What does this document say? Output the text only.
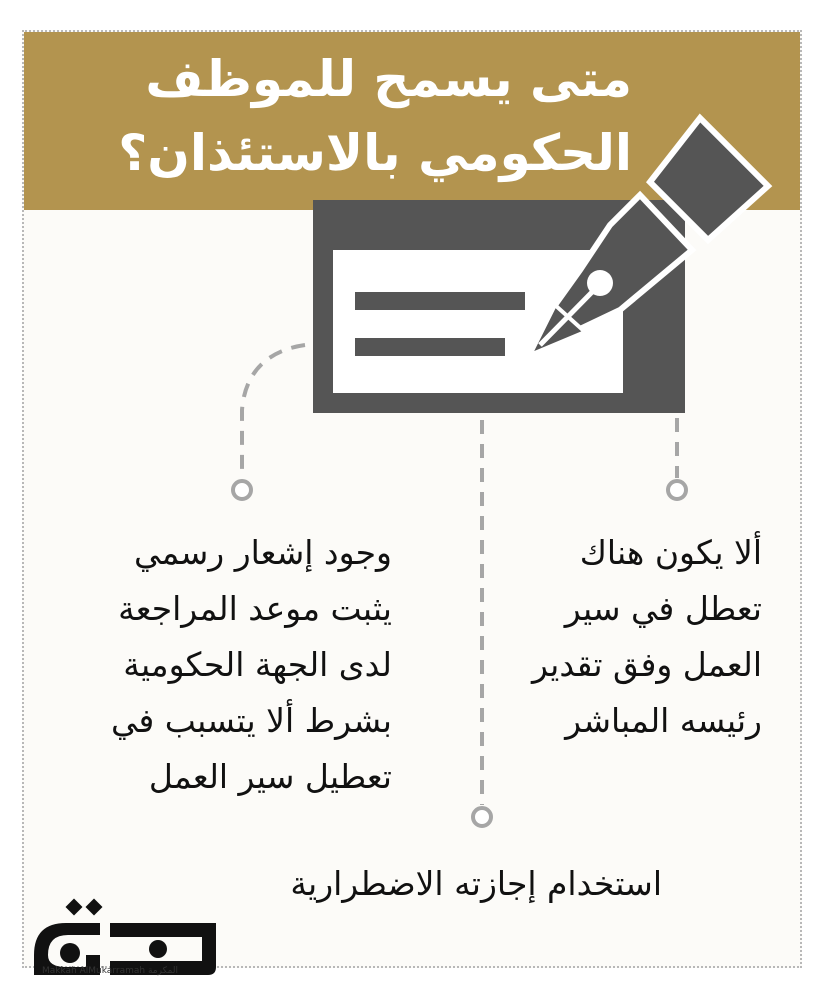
متى يسمح للموظف
الحكومي بالاستئذان؟
وجود إشعار رسمي
يثبت موعد المراجعة
لدى الجهة الحكومية
بشرط ألا يتسبب في
تعطيل سير العمل
ألا يكون هناك
تعطل في سير
العمل وفق تقدير
رئيسه المباشر
استخدام إجازته الاضطرارية
Makkah AlMukarramah المكرمة
